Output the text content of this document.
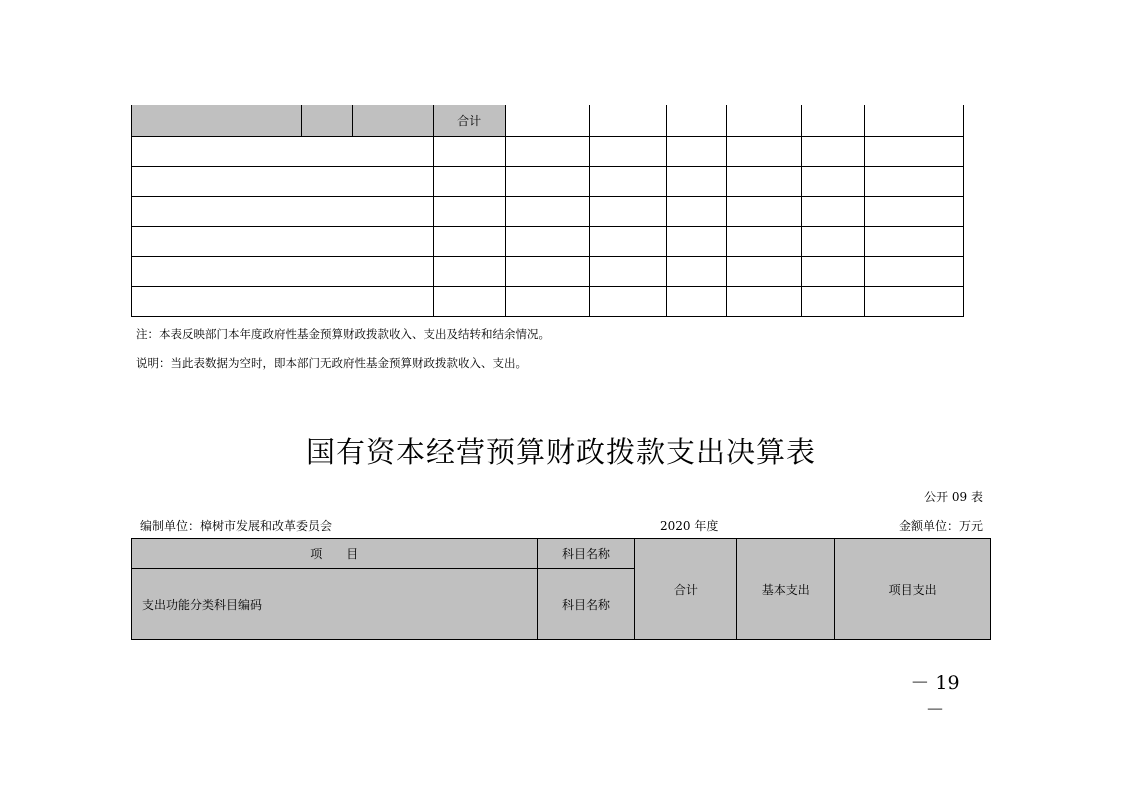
			合计						

注：本表反映部门本年度政府性基金预算财政拨款收入、支出及结转和结余情况。
说明：当此表数据为空时，即本部门无政府性基金预算财政拨款收入、支出。
国有资本经营预算财政拨款支出决算表
公开 09 表
编制单位：樟树市发展和改革委员会	2020 年度	金额单位：万元
项　　目	科目名称	合计	基本支出	项目支出
支出功能分类科目编码	科目名称			
－ 19 －
